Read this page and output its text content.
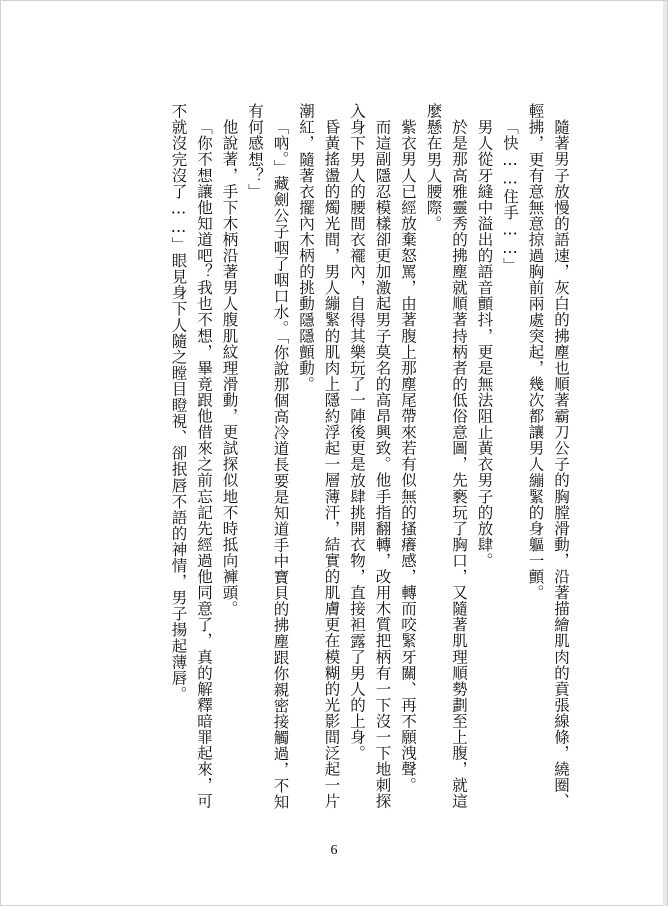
隨著男子放慢的語速，灰白的拂塵也順著霸刀公子的胸膛滑動，沿著描繪肌肉的賁張線條，繞圈、輕拂，更有意無意掠過胸前兩處突起，幾次都讓男人繃緊的身軀一顫。

「快……住手……」

男人從牙縫中溢出的語音顫抖，更是無法阻止黃衣男子的放肆。

於是那高雅靈秀的拂塵就順著持柄者的低俗意圖，先褻玩了胸口，又隨著肌理順勢劃至上腹，就這麼懸在男人腰際。

紫衣男人已經放棄怒罵，由著腹上那塵尾帶來若有似無的搔癢感，轉而咬緊牙關、再不願洩聲。

而這副隱忍模樣卻更加激起男子莫名的高昂興致。他手指翻轉，改用木質把柄有一下沒一下地刺探入身下男人的腰間衣襬內，自得其樂玩了一陣後更是放肆挑開衣物，直接袒露了男人的上身。

昏黃搖盪的燭光間，男人繃緊的肌肉上隱約浮起一層薄汗，結實的肌膚更在模糊的光影間泛起一片潮紅，隨著衣擺內木柄的挑動隱隱顫動。

「吶。」藏劍公子咽了咽口水。「你說那個高冷道長要是知道手中寶貝的拂塵跟你親密接觸過，不知有何感想？」

他說著，手下木柄沿著男人腹肌紋理滑動，更試探似地不時抵向褲頭。

「你不想讓他知道吧？我也不想，畢竟跟他借來之前忘記先經過他同意了，真的解釋暗罪起來，可不就沒完沒了……」眼見身下人隨之瞠目瞪視、卻抿唇不語的神情，男子揚起薄唇。

6
